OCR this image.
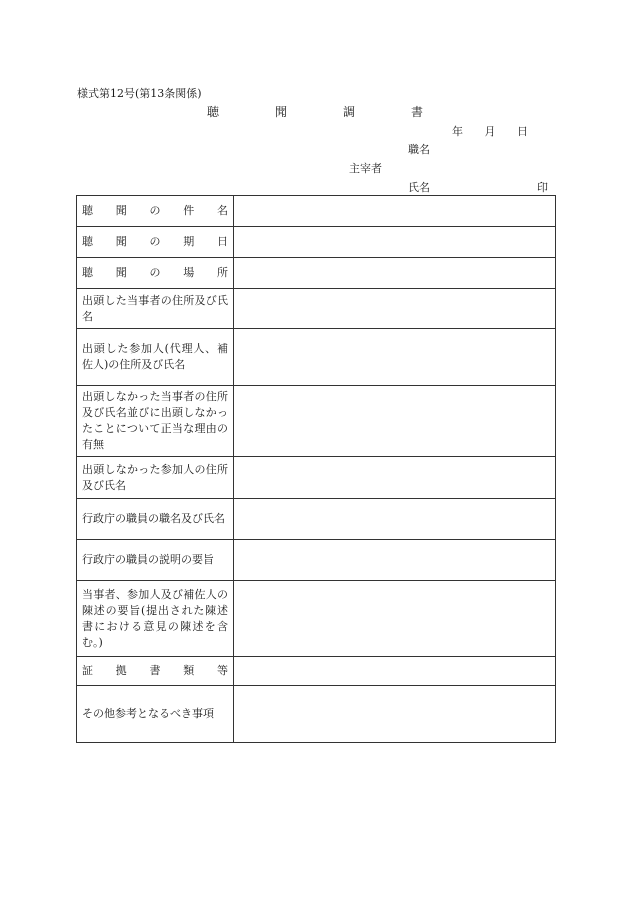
様式第12号(第13条関係)
聴	聞	調	書
年 月 日
職名
主宰者
氏名	印
聴 聞 の 件 名	

聴 聞 の 期 日	

聴 聞 の 場 所	

出頭した当事者の住所及び氏名	

出頭した参加人(代理人、補佐人)の住所及び氏名	

出頭しなかった当事者の住所及び氏名並びに出頭しなかったことについて正当な理由の有無	

出頭しなかった参加人の住所及び氏名	

行政庁の職員の職名及び氏名	

行政庁の職員の説明の要旨	

当事者、参加人及び補佐人の陳述の要旨(提出された陳述書における意見の陳述を含む。)	

証 拠 書 類 等	

その他参考となるべき事項	
